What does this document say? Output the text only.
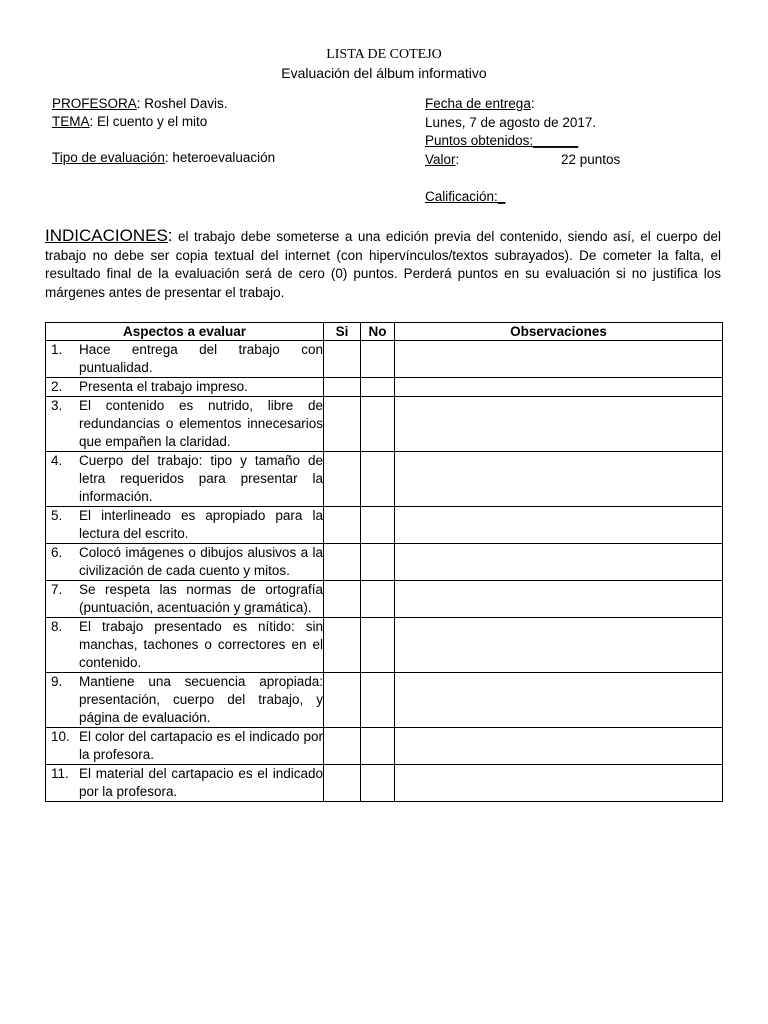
LISTA DE COTEJO
Evaluación del álbum informativo
PROFESORA: Roshel Davis.
TEMA: El cuento y el mito
Tipo de evaluación: heteroevaluación
Fecha de entrega:
Lunes, 7 de agosto de 2017.
Puntos obtenidos:______
Valor:	22 puntos
Calificación:_
INDICACIONES: el trabajo debe someterse a una edición previa del contenido, siendo así, el cuerpo del trabajo no debe ser copia textual del internet (con hipervínculos/textos subrayados). De cometer la falta, el resultado final de la evaluación será de cero (0) puntos. Perderá puntos en su evaluación si no justifica los márgenes antes de presentar el trabajo.
Aspectos a evaluar	Si	No	Observaciones

1. Hace entrega del trabajo con puntualidad.			

2. Presenta el trabajo impreso.			

3. El contenido es nutrido, libre de redundancias o elementos innecesarios que empañen la claridad.			

4. Cuerpo del trabajo: tipo y tamaño de letra requeridos para presentar la información.			

5. El interlineado es apropiado para la lectura del escrito.			

6. Colocó imágenes o dibujos alusivos a la civilización de cada cuento y mitos.			

7. Se respeta las normas de ortografía (puntuación, acentuación y gramática).			

8. El trabajo presentado es nítido: sin manchas, tachones o correctores en el contenido.			

9. Mantiene una secuencia apropiada: presentación, cuerpo del trabajo, y página de evaluación.			

10. El color del cartapacio es el indicado por la profesora.			

11. El material del cartapacio es el indicado por la profesora.			
